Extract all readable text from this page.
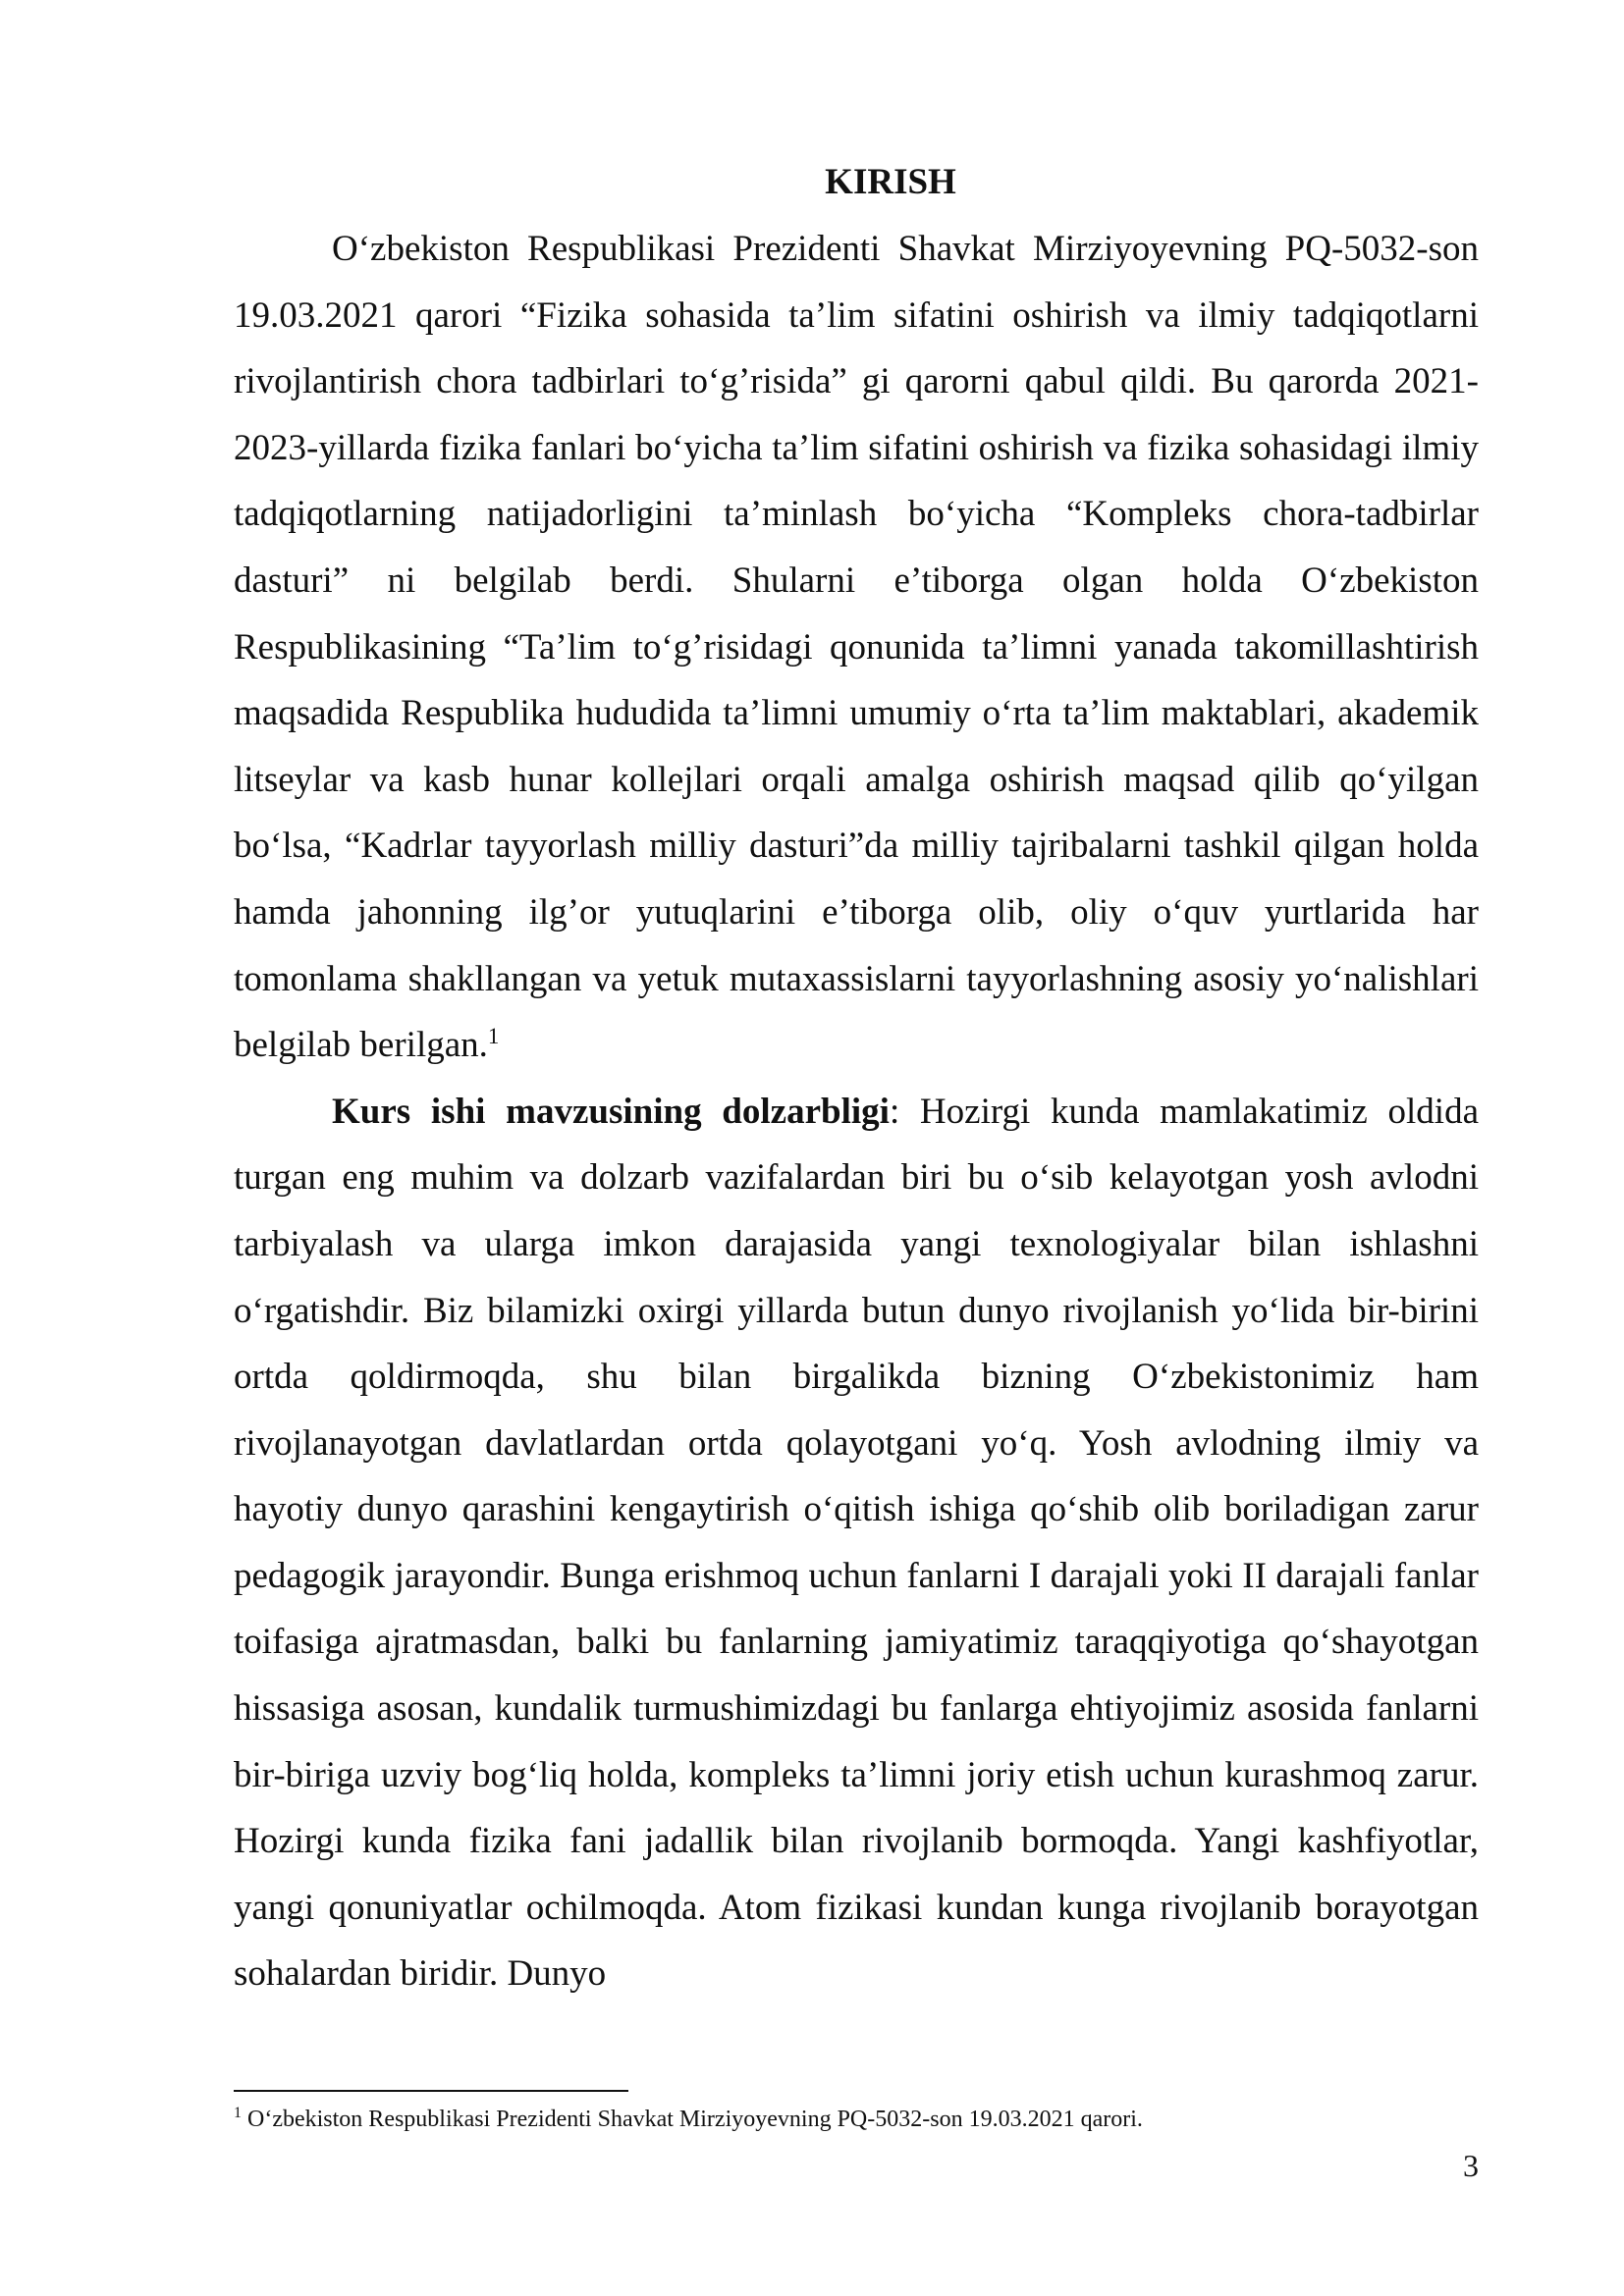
KIRISH

O‘zbekiston Respublikasi Prezidenti Shavkat Mirziyoyevning PQ-5032-son 19.03.2021 qarori “Fizika sohasida ta’lim sifatini oshirish va ilmiy tadqiqotlarni rivojlantirish chora tadbirlari to‘g’risida” gi qarorni qabul qildi. Bu qarorda 2021-2023-yillarda fizika fanlari bo‘yicha ta’lim sifatini oshirish va fizika sohasidagi ilmiy tadqiqotlarning natijadorligini ta’minlash bo‘yicha “Kompleks chora-tadbirlar dasturi” ni belgilab berdi. Shularni e’tiborga olgan holda O‘zbekiston Respublikasining “Ta’lim to‘g’risidagi qonunida ta’limni yanada takomillashtirish maqsadida Respublika hududida ta’limni umumiy o‘rta ta’lim maktablari, akademik litseylar va kasb hunar kollejlari orqali amalga oshirish maqsad qilib qo‘yilgan bo‘lsa, “Kadrlar tayyorlash milliy dasturi”da milliy tajribalarni tashkil qilgan holda hamda jahonning ilg’or yutuqlarini e’tiborga olib, oliy o‘quv yurtlarida har tomonlama shakllangan va yetuk mutaxassislarni tayyorlashning asosiy yo‘nalishlari belgilab berilgan.$^1$

Kurs ishi mavzusining dolzarbligi: Hozirgi kunda mamlakatimiz oldida turgan eng muhim va dolzarb vazifalardan biri bu o‘sib kelayotgan yosh avlodni tarbiyalash va ularga imkon darajasida yangi texnologiyalar bilan ishlashni o‘rgatishdir. Biz bilamizki oxirgi yillarda butun dunyo rivojlanish yo‘lida bir-birini ortda qoldirmoqda, shu bilan birgalikda bizning O‘zbekistonimiz ham rivojlanayotgan davlatlardan ortda qolayotgani yo‘q. Yosh avlodning ilmiy va hayotiy dunyo qarashini kengaytirish o‘qitish ishiga qo‘shib olib boriladigan zarur pedagogik jarayondir. Bunga erishmoq uchun fanlarni I darajali yoki II darajali fanlar toifasiga ajratmasdan, balki bu fanlarning jamiyatimiz taraqqiyotiga qo‘shayotgan hissasiga asosan, kundalik turmushimizdagi bu fanlarga ehtiyojimiz asosida fanlarni bir-biriga uzviy bog‘liq holda, kompleks ta’limni joriy etish uchun kurashmoq zarur. Hozirgi kunda fizika fani jadallik bilan rivojlanib bormoqda. Yangi kashfiyotlar, yangi qonuniyatlar ochilmoqda. Atom fizikasi kundan kunga rivojlanib borayotgan sohalardan biridir. Dunyo

$^1$ O‘zbekiston Respublikasi Prezidenti Shavkat Mirziyoyevning PQ-5032-son 19.03.2021 qarori.

3
